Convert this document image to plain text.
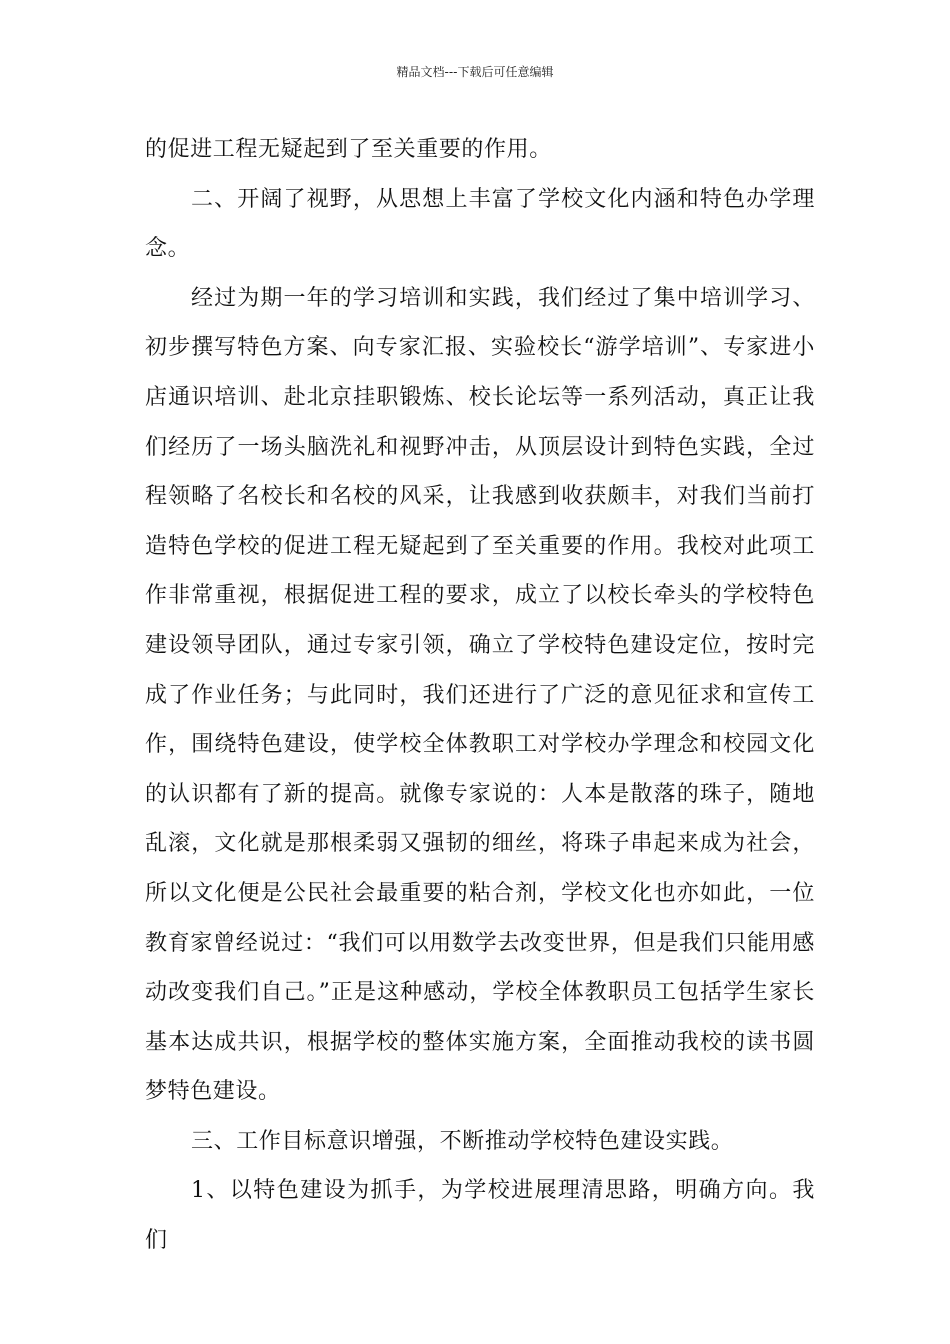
精品文档---下载后可任意编辑

的促进工程无疑起到了至关重要的作用。

二、开阔了视野，从思想上丰富了学校文化内涵和特色办学理念。

经过为期一年的学习培训和实践，我们经过了集中培训学习、初步撰写特色方案、向专家汇报、实验校长“游学培训”、专家进小店通识培训、赴北京挂职锻炼、校长论坛等一系列活动，真正让我们经历了一场头脑洗礼和视野冲击，从顶层设计到特色实践，全过程领略了名校长和名校的风采，让我感到收获颇丰，对我们当前打造特色学校的促进工程无疑起到了至关重要的作用。我校对此项工作非常重视，根据促进工程的要求，成立了以校长牵头的学校特色建设领导团队，通过专家引领，确立了学校特色建设定位，按时完成了作业任务；与此同时，我们还进行了广泛的意见征求和宣传工作，围绕特色建设，使学校全体教职工对学校办学理念和校园文化的认识都有了新的提高。就像专家说的：人本是散落的珠子，随地乱滚，文化就是那根柔弱又强韧的细丝，将珠子串起来成为社会，所以文化便是公民社会最重要的粘合剂，学校文化也亦如此，一位教育家曾经说过：“我们可以用数学去改变世界，但是我们只能用感动改变我们自己。”正是这种感动，学校全体教职员工包括学生家长基本达成共识，根据学校的整体实施方案，全面推动我校的读书圆梦特色建设。

三、工作目标意识增强，不断推动学校特色建设实践。

1、以特色建设为抓手，为学校进展理清思路，明确方向。我们
